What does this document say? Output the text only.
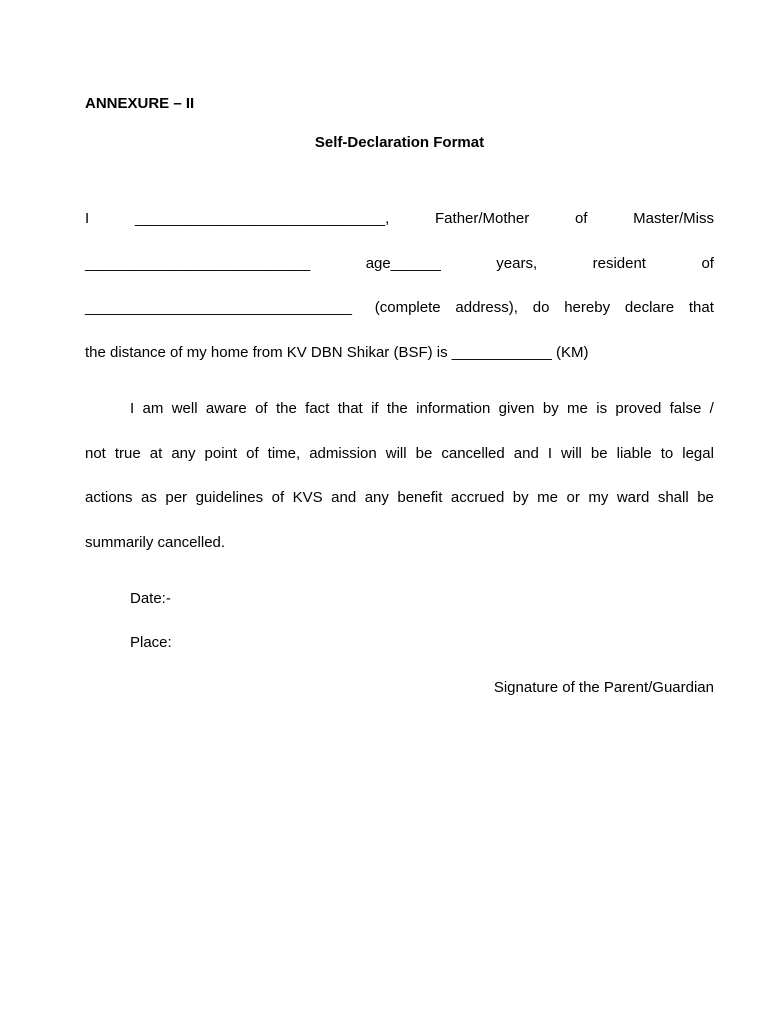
ANNEXURE – II
Self-Declaration Format
I	______________________________,	Father/Mother	of	Master/Miss
___________________________	age______	years,	resident	of
________________________________ (complete address), do hereby declare that
the distance of my home from KV DBN Shikar (BSF) is ____________ (KM)
I am well aware of the fact that if the information given by me is proved false /
not true at any point of time, admission will be cancelled and I will be liable to legal
actions as per guidelines of KVS and any benefit accrued by me or my ward shall be
summarily cancelled.
Date:-
Place:
Signature of the Parent/Guardian
